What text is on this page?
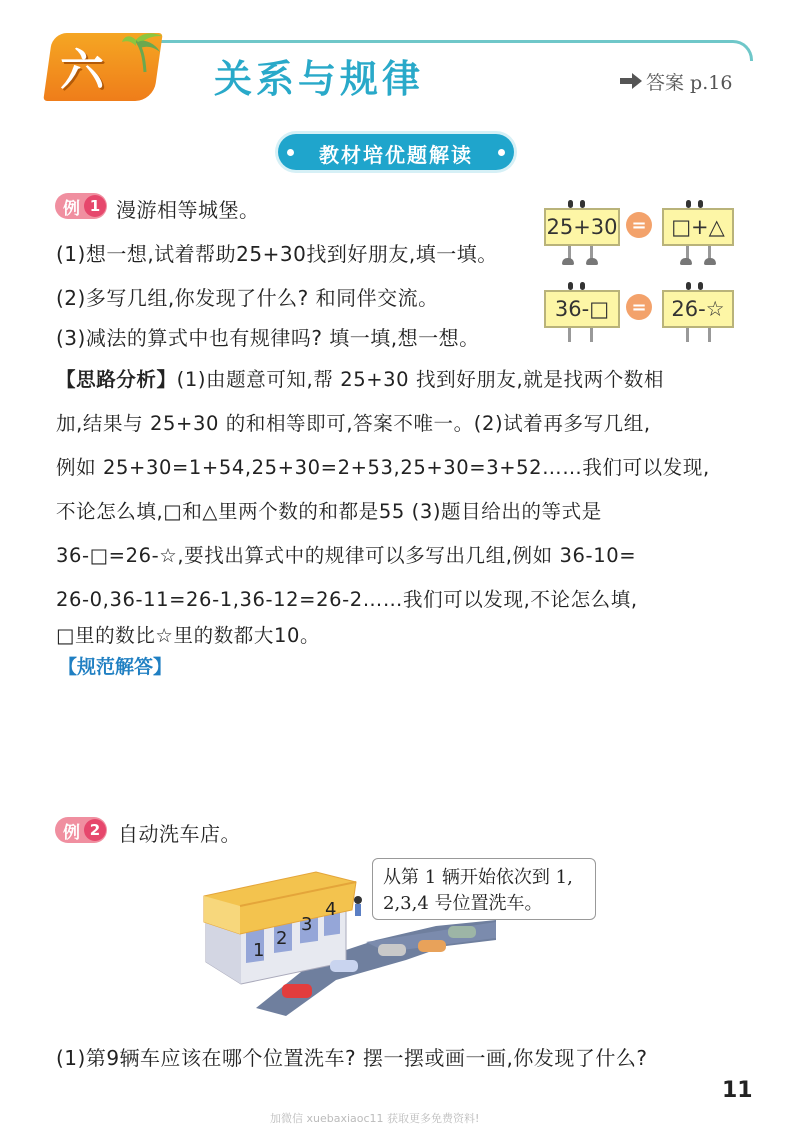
六	关系与规律	答案 p.16
教材培优题解读
例 1 漫游相等城堡。
(1)想一想,试着帮助25+30找到好朋友,填一填。
(2)多写几组,你发现了什么? 和同伴交流。
(3)减法的算式中也有规律吗? 填一填,想一想。
25+30 =	□+△
36-□	=	26-☆
【思路分析】(1)由题意可知,帮 25+30 找到好朋友,就是找两个数相
加,结果与 25+30 的和相等即可,答案不唯一。(2)试着再多写几组,
例如 25+30=1+54,25+30=2+53,25+30=3+52……我们可以发现,
不论怎么填,□和△里两个数的和都是55 (3)题目给出的等式是
36-□=26-☆,要找出算式中的规律可以多写出几组,例如 36-10=
26-0,36-11=26-1,36-12=26-2……我们可以发现,不论怎么填,
□里的数比☆里的数都大10。
【规范解答】
例 2 自动洗车店。
1
2
3
4
从第 1 辆开始依次到 1,
2,3,4 号位置洗车。
(1)第9辆车应该在哪个位置洗车? 摆一摆或画一画,你发现了什么?
11
加微信 xuebaxiaoc11 获取更多免费资料!
